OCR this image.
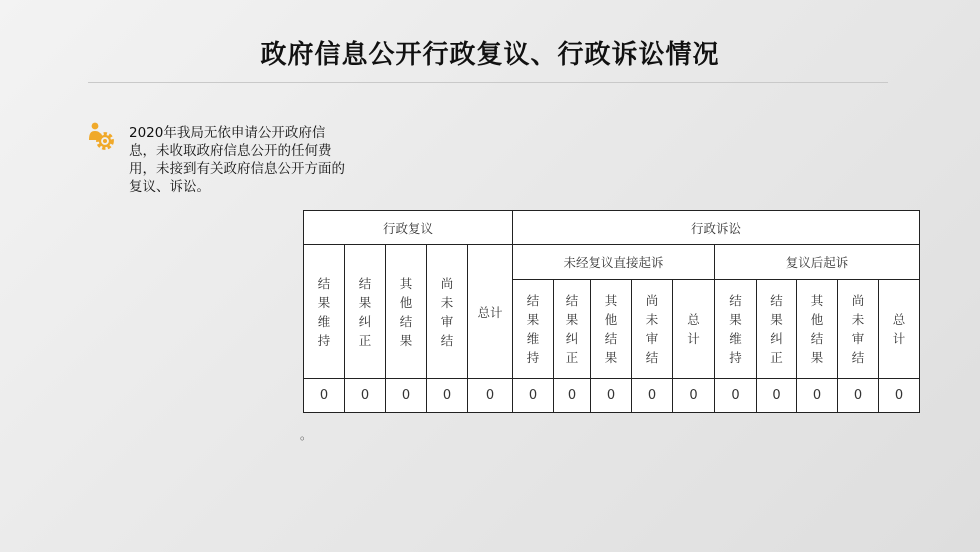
政府信息公开行政复议、行政诉讼情况

2020年我局无依申请公开政府信息，未收取政府信息公开的任何费用，未接到有关政府信息公开方面的复议、诉讼。

行政复议					行政诉讼									
结果维持	结果纠正	其他结果	尚未审结	总计	未经复议直接起诉					复议后起诉				
					结果维持	结果纠正	其他结果	尚未审结	总计	结果维持	结果纠正	其他结果	尚未审结	总计
0	0	0	0	0	0	0	0	0	0	0	0	0	0	0
。
